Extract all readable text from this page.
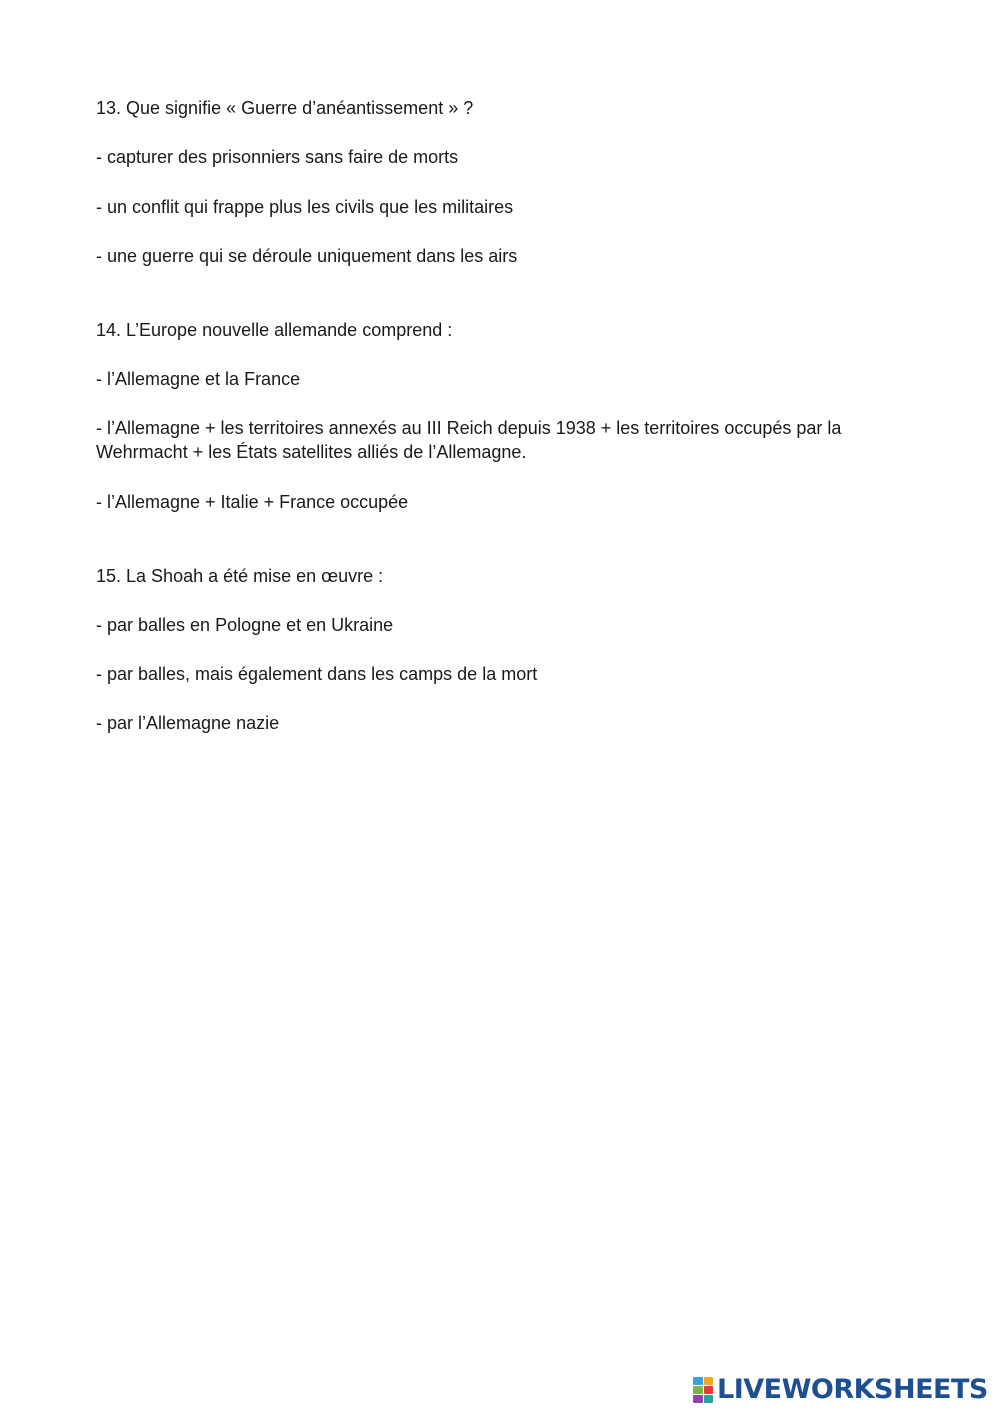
13. Que signifie « Guerre d’anéantissement » ?
- capturer des prisonniers sans faire de morts
- un conflit qui frappe plus les civils que les militaires
- une guerre qui se déroule uniquement dans les airs
14. L’Europe nouvelle allemande comprend :
- l’Allemagne et la France
- l’Allemagne + les territoires annexés au III Reich depuis 1938 + les territoires occupés par la Wehrmacht + les États satellites alliés de l’Allemagne.
- l’Allemagne + Italie + France occupée
15. La Shoah a été mise en œuvre :
- par balles en Pologne et en Ukraine
- par balles, mais également dans les camps de la mort
- par l’Allemagne nazie
LIVEWORKSHEETS
